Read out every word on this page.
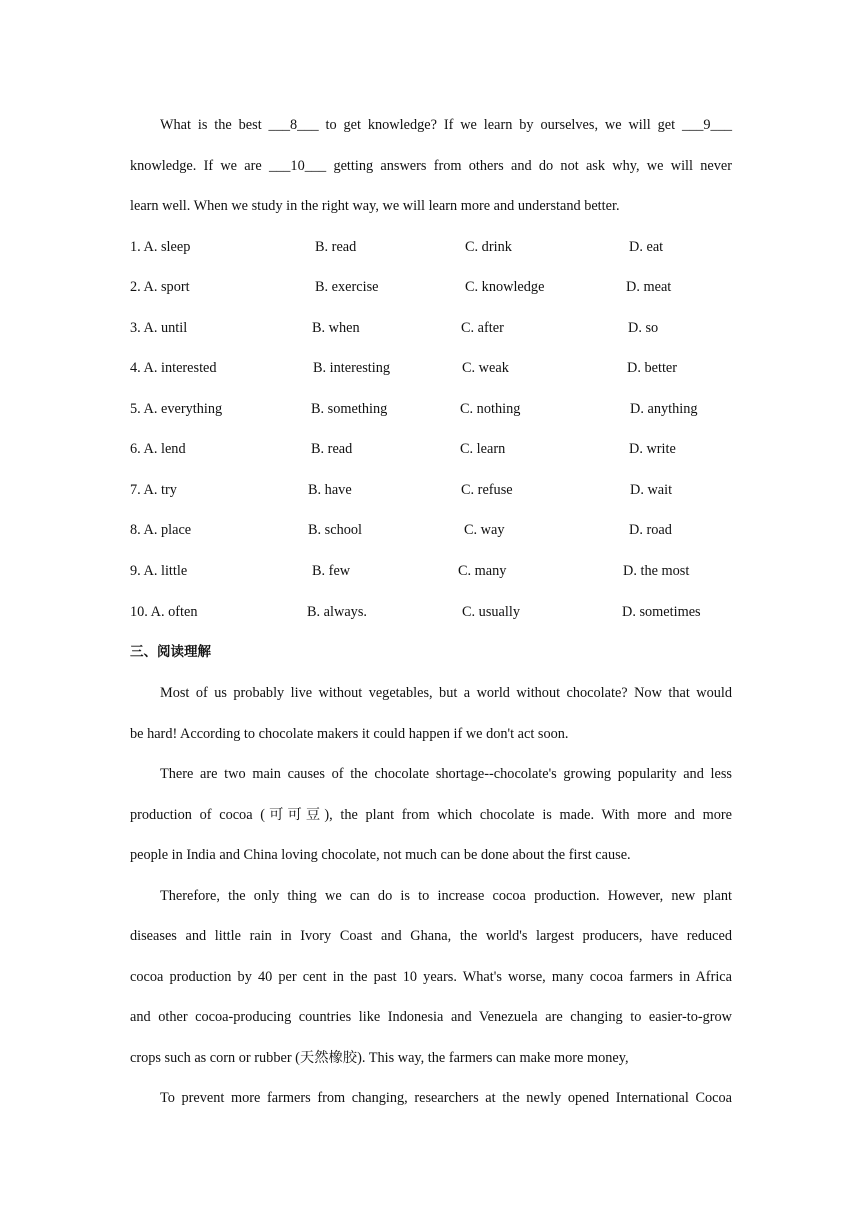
What is the best ___8___ to get knowledge? If we learn by ourselves, we will get ___9___
knowledge. If we are ___10___ getting answers from others and do not ask why, we will never
learn well. When we study in the right way, we will learn more and understand better.
1. A. sleep	B. read	C. drink	D. eat
2. A. sport	B. exercise	C. knowledge	D. meat
3. A. until	B. when	C. after	D. so
4. A. interested	B. interesting	C. weak	D. better
5. A. everything	B. something	C. nothing	D. anything
6. A. lend	B. read	C. learn	D. write
7. A. try	B. have	C. refuse	D. wait
8. A. place	B. school	C. way	D. road
9. A. little	B. few	C. many	D. the most
10. A. often	B. always.	C. usually	D. sometimes
三、阅读理解
Most of us probably live without vegetables, but a world without chocolate? Now that would
be hard! According to chocolate makers it could happen if we don't act soon.
There are two main causes of the chocolate shortage--chocolate's growing popularity and less
production of cocoa (可可豆), the plant from which chocolate is made. With more and more
people in India and China loving chocolate, not much can be done about the first cause.
Therefore, the only thing we can do is to increase cocoa production. However, new plant
diseases and little rain in Ivory Coast and Ghana, the world's largest producers, have reduced
cocoa production by 40 per cent in the past 10 years. What's worse, many cocoa farmers in Africa
and other cocoa-producing countries like Indonesia and Venezuela are changing to easier-to-grow
crops such as corn or rubber (天然橡胶). This way, the farmers can make more money,
To prevent more farmers from changing, researchers at the newly opened International Cocoa
